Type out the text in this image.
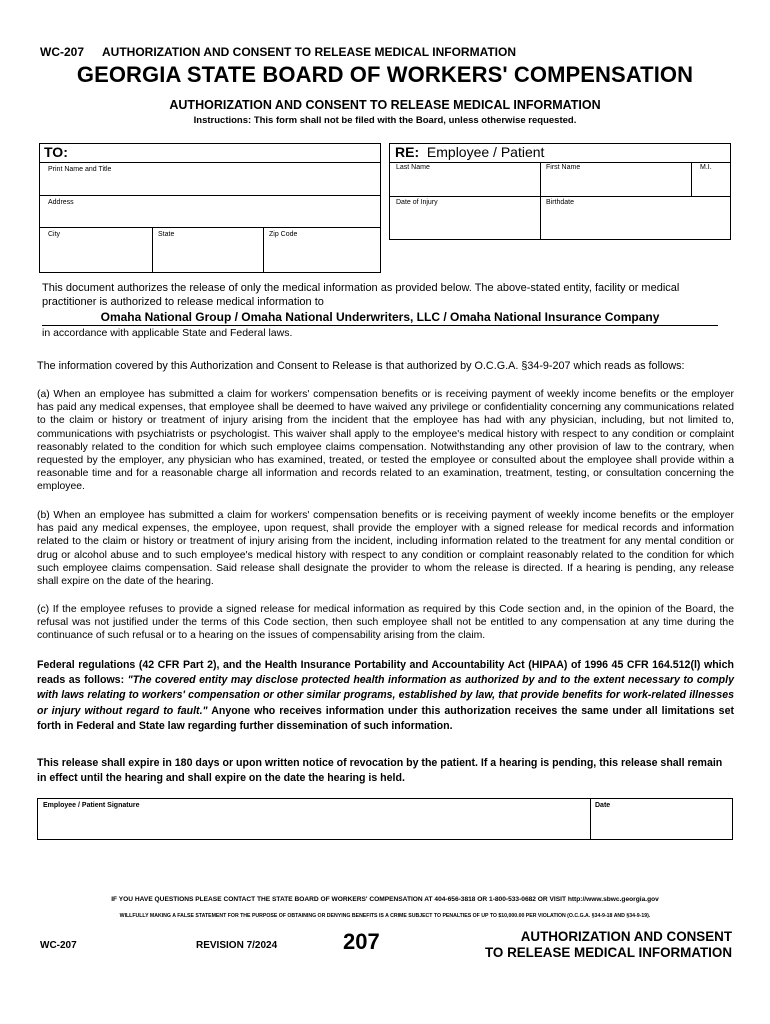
WC-207 AUTHORIZATION AND CONSENT TO RELEASE MEDICAL INFORMATION
GEORGIA STATE BOARD OF WORKERS' COMPENSATION
AUTHORIZATION AND CONSENT TO RELEASE MEDICAL INFORMATION
Instructions: This form shall not be filed with the Board, unless otherwise requested.
TO:
Print Name and Title
Address
City	State	Zip Code
RE: Employee / Patient
Last Name	First Name	M.I.
Date of Injury	Birthdate
This document authorizes the release of only the medical information as provided below. The above-stated entity, facility or medical practitioner is authorized to release medical information to
Omaha National Group / Omaha National Underwriters, LLC / Omaha National Insurance Company
in accordance with applicable State and Federal laws.
The information covered by this Authorization and Consent to Release is that authorized by O.C.G.A. §34-9-207 which reads as follows:
(a) When an employee has submitted a claim for workers' compensation benefits or is receiving payment of weekly income benefits or the employer has paid any medical expenses, that employee shall be deemed to have waived any privilege or confidentiality concerning any communications related to the claim or history or treatment of injury arising from the incident that the employee has had with any physician, including, but not limited to, communications with psychiatrists or psychologist. This waiver shall apply to the employee's medical history with respect to any condition or complaint reasonably related to the condition for which such employee claims compensation. Notwithstanding any other provision of law to the contrary, when requested by the employer, any physician who has examined, treated, or tested the employee or consulted about the employee shall provide within a reasonable time and for a reasonable charge all information and records related to an examination, treatment, testing, or consultation concerning the employee.
(b) When an employee has submitted a claim for workers' compensation benefits or is receiving payment of weekly income benefits or the employer has paid any medical expenses, the employee, upon request, shall provide the employer with a signed release for medical records and information related to the claim or history or treatment of injury arising from the incident, including information related to the treatment for any mental condition or drug or alcohol abuse and to such employee's medical history with respect to any condition or complaint reasonably related to the condition for which such employee claims compensation. Said release shall designate the provider to whom the release is directed. If a hearing is pending, any release shall expire on the date of the hearing.
(c) If the employee refuses to provide a signed release for medical information as required by this Code section and, in the opinion of the Board, the refusal was not justified under the terms of this Code section, then such employee shall not be entitled to any compensation at any time during the continuance of such refusal or to a hearing on the issues of compensability arising from the claim.
Federal regulations (42 CFR Part 2), and the Health Insurance Portability and Accountability Act (HIPAA) of 1996 45 CFR 164.512(l) which reads as follows: "The covered entity may disclose protected health information as authorized by and to the extent necessary to comply with laws relating to workers' compensation or other similar programs, established by law, that provide benefits for work-related illnesses or injury without regard to fault." Anyone who receives information under this authorization receives the same under all limitations set forth in Federal and State law regarding further dissemination of such information.
This release shall expire in 180 days or upon written notice of revocation by the patient. If a hearing is pending, this release shall remain in effect until the hearing and shall expire on the date the hearing is held.
Employee / Patient Signature	Date
IF YOU HAVE QUESTIONS PLEASE CONTACT THE STATE BOARD OF WORKERS' COMPENSATION AT 404-656-3818 OR 1-800-533-0682 OR VISIT http://www.sbwc.georgia.gov
WILLFULLY MAKING A FALSE STATEMENT FOR THE PURPOSE OF OBTAINING OR DENYING BENEFITS IS A CRIME SUBJECT TO PENALTIES OF UP TO $10,000.00 PER VIOLATION (O.C.G.A. §34-9-18 AND §34-9-19).
WC-207	REVISION 7/2024	207	AUTHORIZATION AND CONSENT
TO RELEASE MEDICAL INFORMATION
